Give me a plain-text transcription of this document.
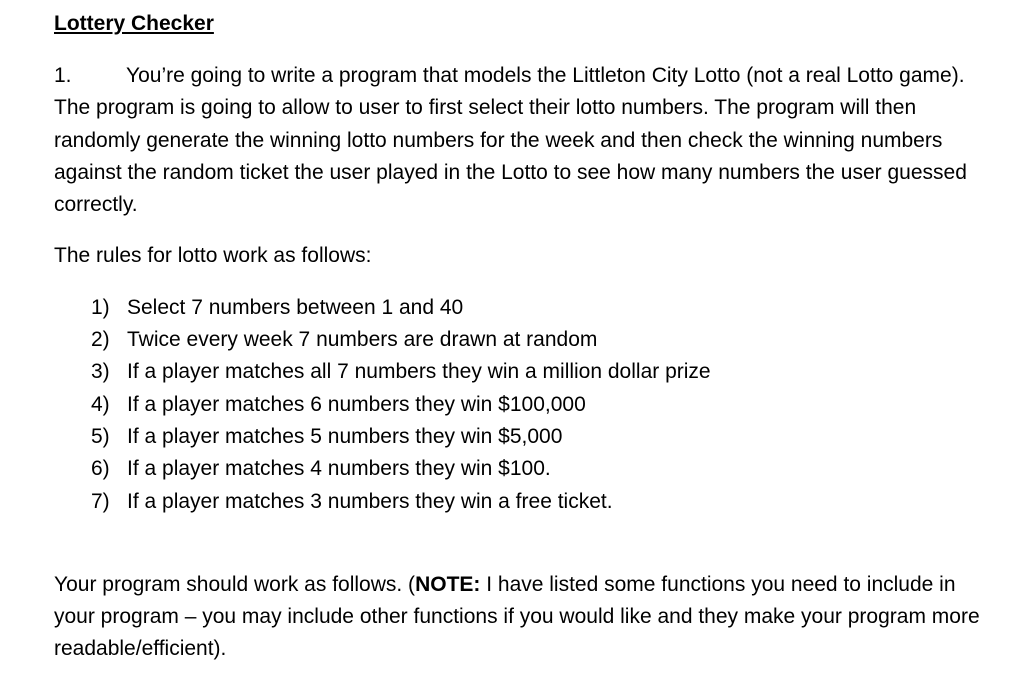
Lottery Checker

1.	You’re going to write a program that models the Littleton City Lotto (not a real Lotto game). The program is going to allow to user to first select their lotto numbers. The program will then randomly generate the winning lotto numbers for the week and then check the winning numbers against the random ticket the user played in the Lotto to see how many numbers the user guessed correctly.

The rules for lotto work as follows:

1) Select 7 numbers between 1 and 40
2) Twice every week 7 numbers are drawn at random
3) If a player matches all 7 numbers they win a million dollar prize
4) If a player matches 6 numbers they win $100,000
5) If a player matches 5 numbers they win $5,000
6) If a player matches 4 numbers they win $100.
7) If a player matches 3 numbers they win a free ticket.

Your program should work as follows. (NOTE: I have listed some functions you need to include in your program – you may include other functions if you would like and they make your program more readable/efficient).
